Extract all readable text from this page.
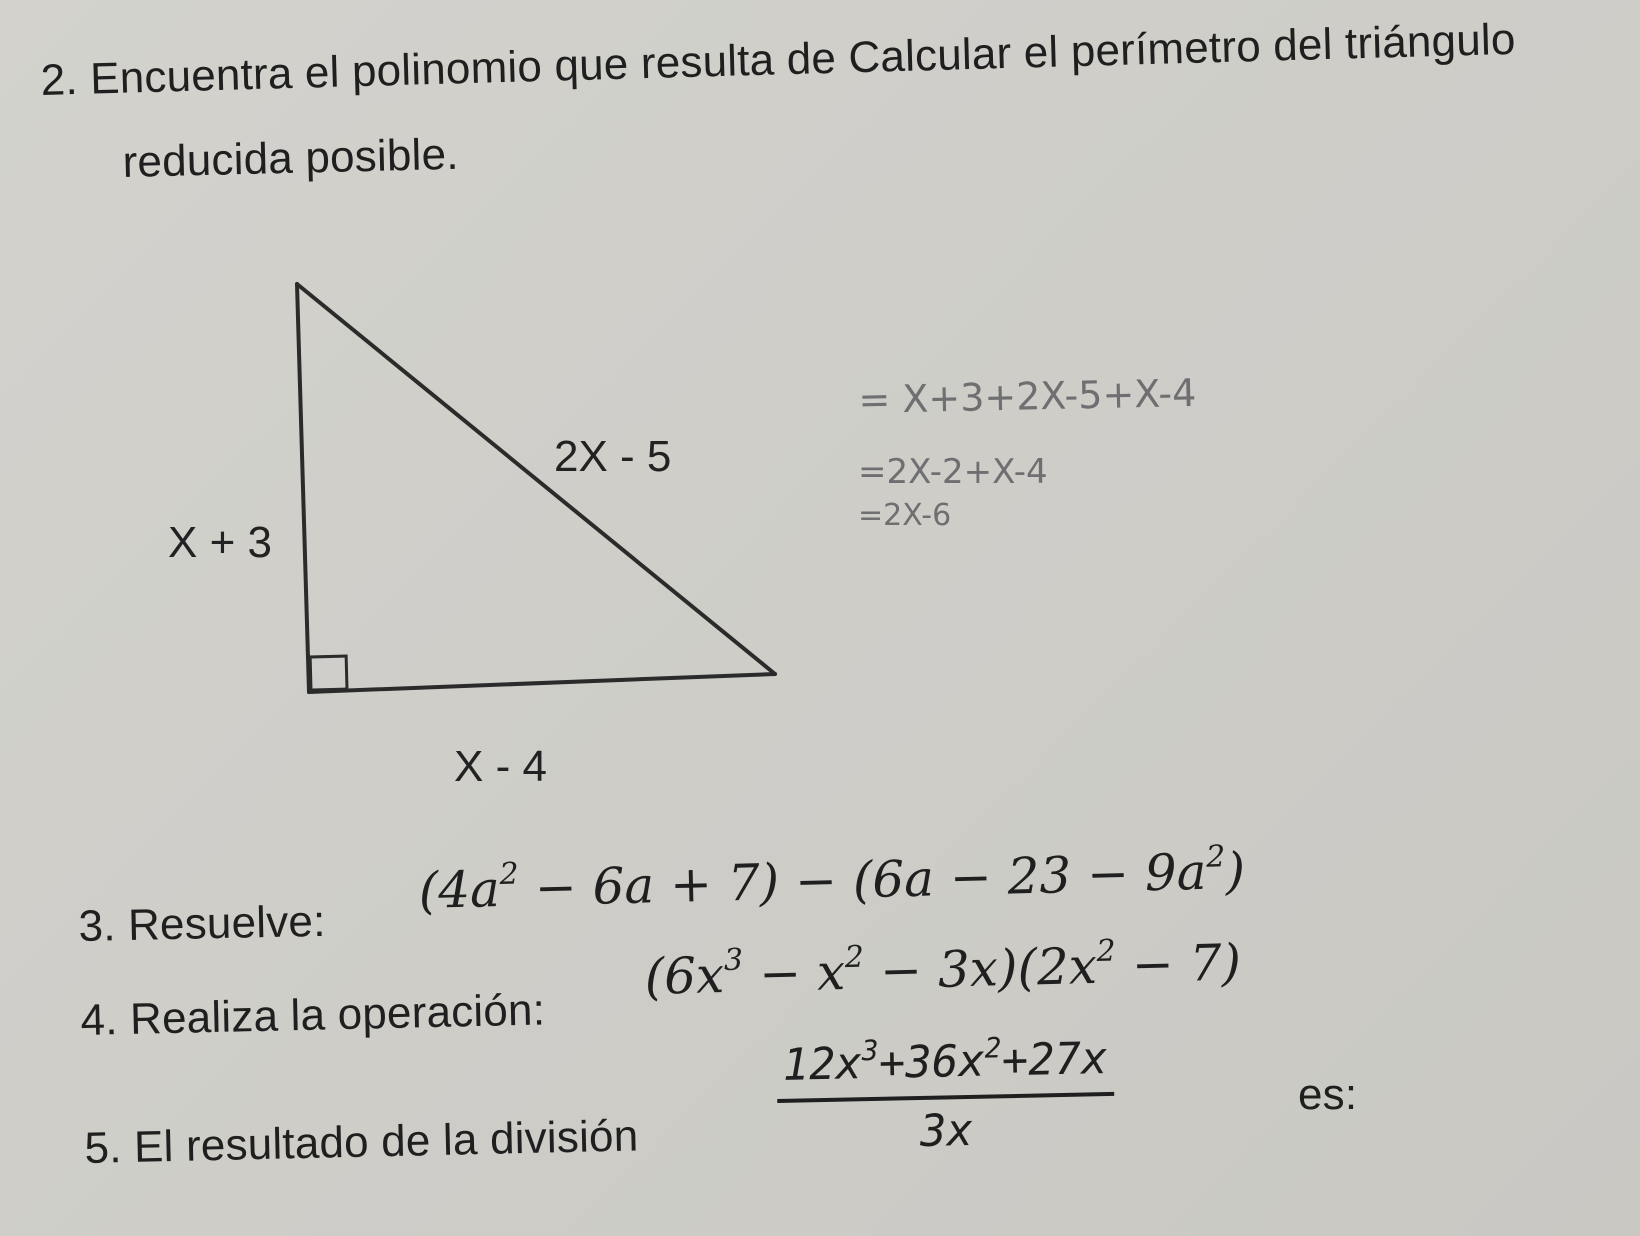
2. Encuentra el polinomio que resulta de Calcular el perímetro del triángulo
reducida posible.
X + 3
2X - 5
X - 4
= X+3+2X-5+X-4
=2X-2+X-4
=2X-6
3. Resuelve:
$(4a^2 - 6a + 7) - (6a - 23 - 9a^2)$
4. Realiza la operación:
$(6x^3 - x^2 - 3x)(2x^2 - 7)$
5. El resultado de la división	$\frac{12x^3+36x^2+27x}{3x}$	es:
